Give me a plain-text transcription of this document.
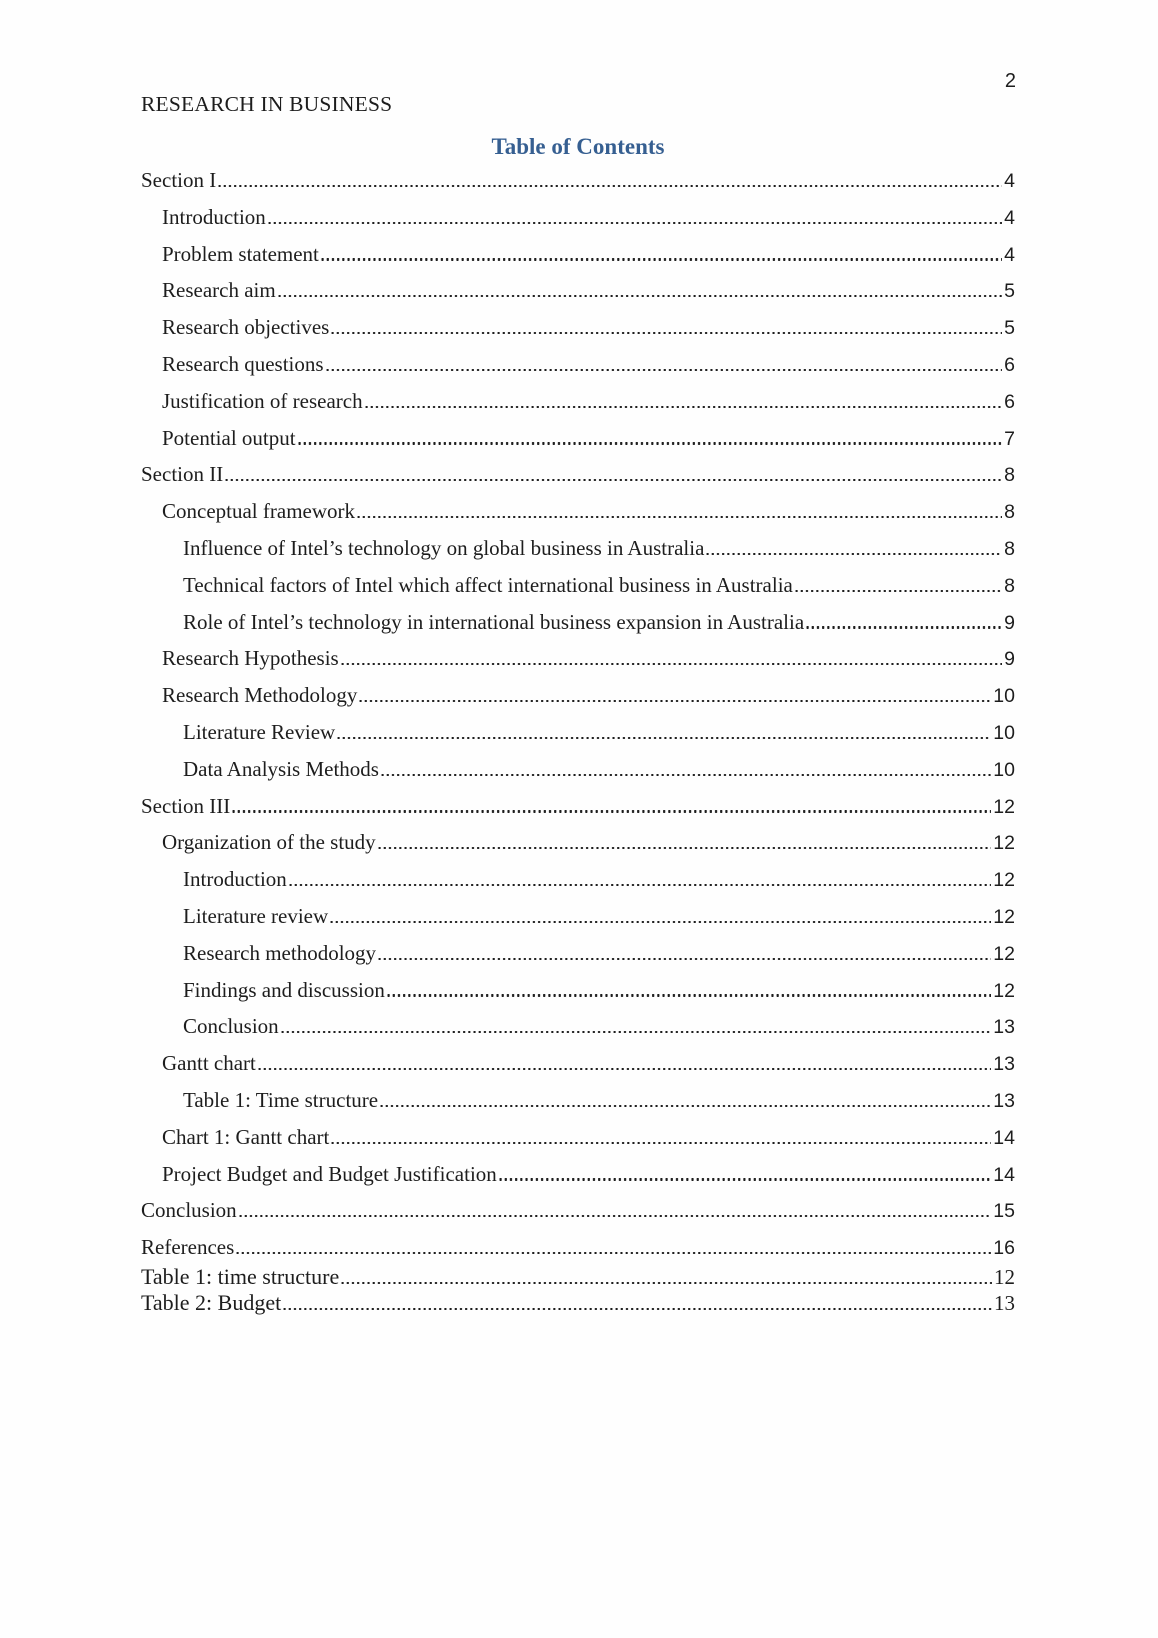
2
RESEARCH IN BUSINESS
Table of Contents
Section I	4
Introduction	4
Problem statement	4
Research aim	5
Research objectives	5
Research questions	6
Justification of research	6
Potential output	7
Section II	8
Conceptual framework	8
Influence of Intel’s technology on global business in Australia	8
Technical factors of Intel which affect international business in Australia	8
Role of Intel’s technology in international business expansion in Australia	9
Research Hypothesis	9
Research Methodology	10
Literature Review	10
Data Analysis Methods	10
Section III	12
Organization of the study	12
Introduction	12
Literature review	12
Research methodology	12
Findings and discussion	12
Conclusion	13
Gantt chart	13
Table 1: Time structure	13
Chart 1: Gantt chart	14
Project Budget and Budget Justification	14
Conclusion	15
References	16
Table 1: time structure	12
Table 2: Budget	13
